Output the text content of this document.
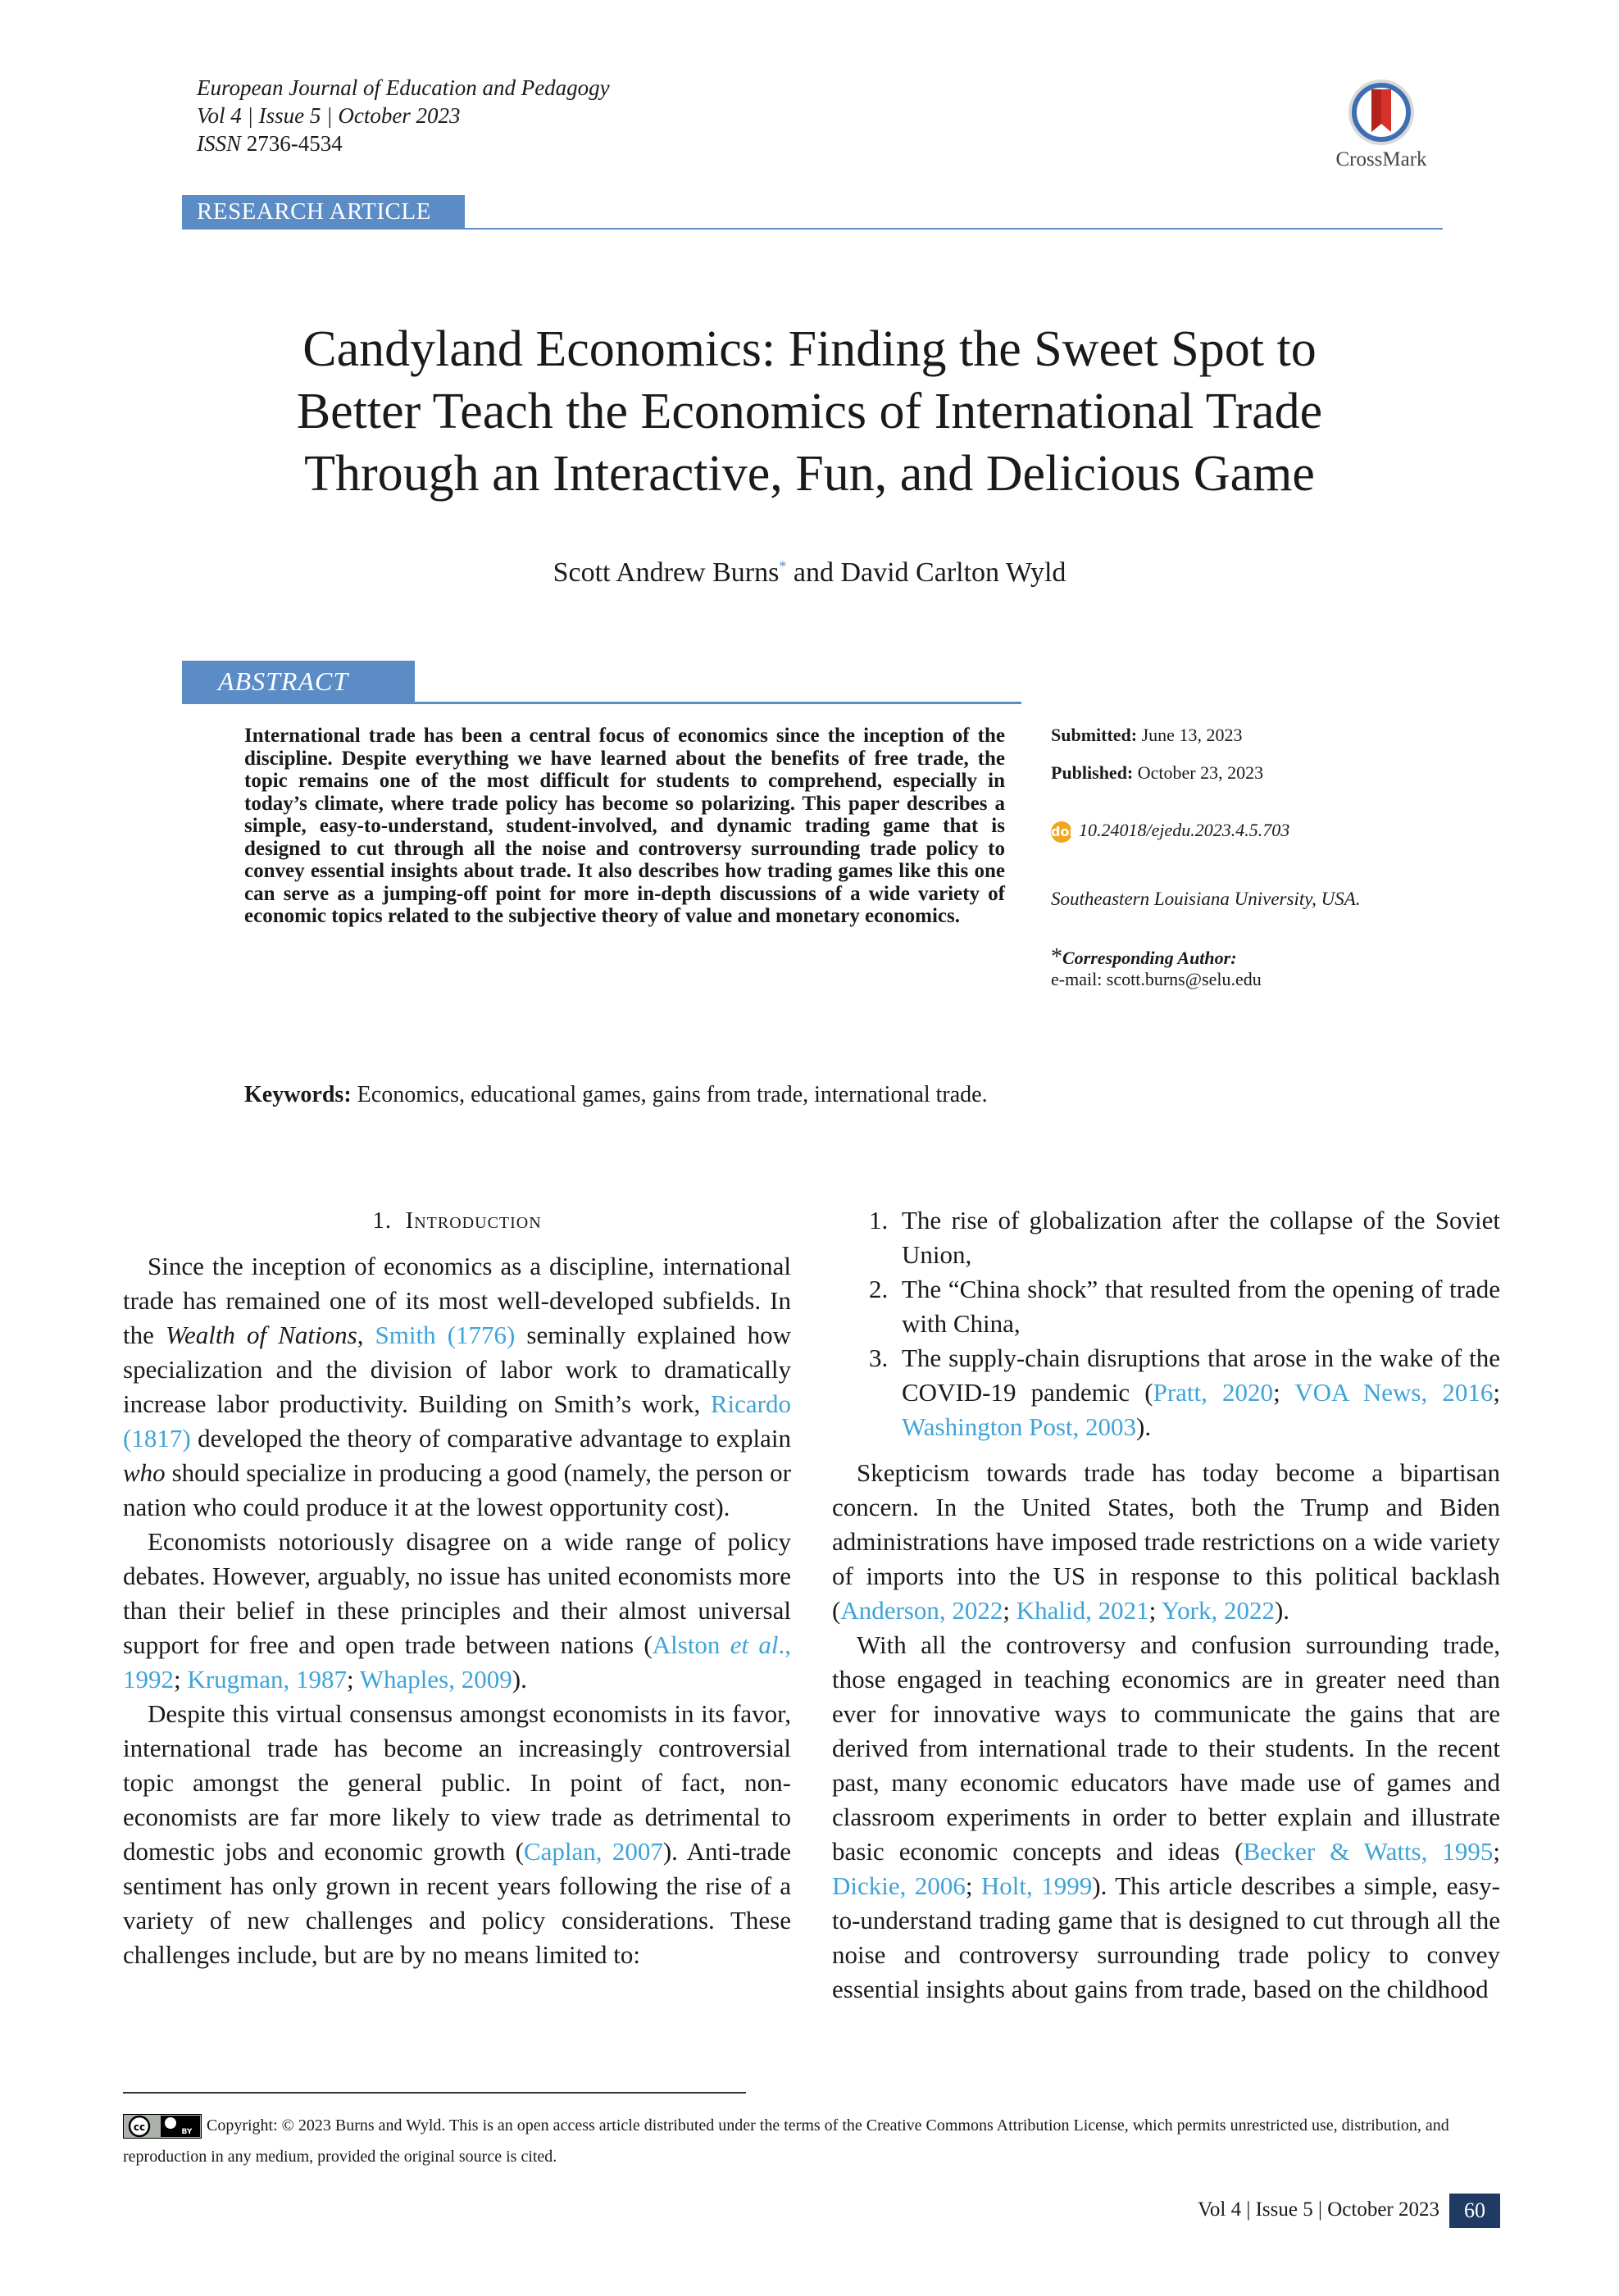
European Journal of Education and Pedagogy
Vol 4 | Issue 5 | October 2023
ISSN 2736-4534
CrossMark
RESEARCH ARTICLE
Candyland Economics: Finding the Sweet Spot to
Better Teach the Economics of International Trade
Through an Interactive, Fun, and Delicious Game
Scott Andrew Burns* and David Carlton Wyld
ABSTRACT
International trade has been a central focus of economics since the inception of the discipline. Despite everything we have learned about the benefits of free trade, the topic remains one of the most difficult for students to comprehend, especially in today’s climate, where trade policy has become so polarizing. This paper describes a simple, easy-to-understand, student-involved, and dynamic trading game that is designed to cut through all the noise and controversy surrounding trade policy to convey essential insights about trade. It also describes how trading games like this one can serve as a jumping-off point for more in-depth discussions of a wide variety of economic topics related to the subjective theory of value and monetary economics.
Keywords: Economics, educational games, gains from trade, international trade.
Submitted: June 13, 2023
Published: October 23, 2023
doi 10.24018/ejedu.2023.4.5.703
Southeastern Louisiana University, USA.
*Corresponding Author:
e-mail: scott.burns@selu.edu
1. Introduction

Since the inception of economics as a discipline, international trade has remained one of its most well-developed subfields. In the Wealth of Nations, Smith (1776) seminally explained how specialization and the division of labor work to dramatically increase labor productivity. Building on Smith’s work, Ricardo (1817) developed the theory of comparative advantage to explain who should specialize in producing a good (namely, the person or nation who could produce it at the lowest opportunity cost).

Economists notoriously disagree on a wide range of policy debates. However, arguably, no issue has united economists more than their belief in these principles and their almost universal support for free and open trade between nations (Alston et al., 1992; Krugman, 1987; Whaples, 2009).

Despite this virtual consensus amongst economists in its favor, international trade has become an increasingly controversial topic amongst the general public. In point of fact, non-economists are far more likely to view trade as detrimental to domestic jobs and economic growth (Caplan, 2007). Anti-trade sentiment has only grown in recent years following the rise of a variety of new challenges and policy considerations. These challenges include, but are by no means limited to:

1. The rise of globalization after the collapse of the Soviet Union,
2. The “China shock” that resulted from the opening of trade with China,
3. The supply-chain disruptions that arose in the wake of the COVID-19 pandemic (Pratt, 2020; VOA News, 2016; Washington Post, 2003).

Skepticism towards trade has today become a bipartisan concern. In the United States, both the Trump and Biden administrations have imposed trade restrictions on a wide variety of imports into the US in response to this political backlash (Anderson, 2022; Khalid, 2021; York, 2022).

With all the controversy and confusion surrounding trade, those engaged in teaching economics are in greater need than ever for innovative ways to communicate the gains that are derived from international trade to their students. In the recent past, many economic educators have made use of games and classroom experiments in order to better explain and illustrate basic economic concepts and ideas (Becker & Watts, 1995; Dickie, 2006; Holt, 1999). This article describes a simple, easy-to-understand trading game that is designed to cut through all the noise and controversy surrounding trade policy to convey essential insights about gains from trade, based on the childhood

cc	BY Copyright: © 2023 Burns and Wyld. This is an open access article distributed under the terms of the Creative Commons Attribution License, which permits unrestricted use, distribution, and reproduction in any medium, provided the original source is cited.
Vol 4 | Issue 5 | October 2023	60
